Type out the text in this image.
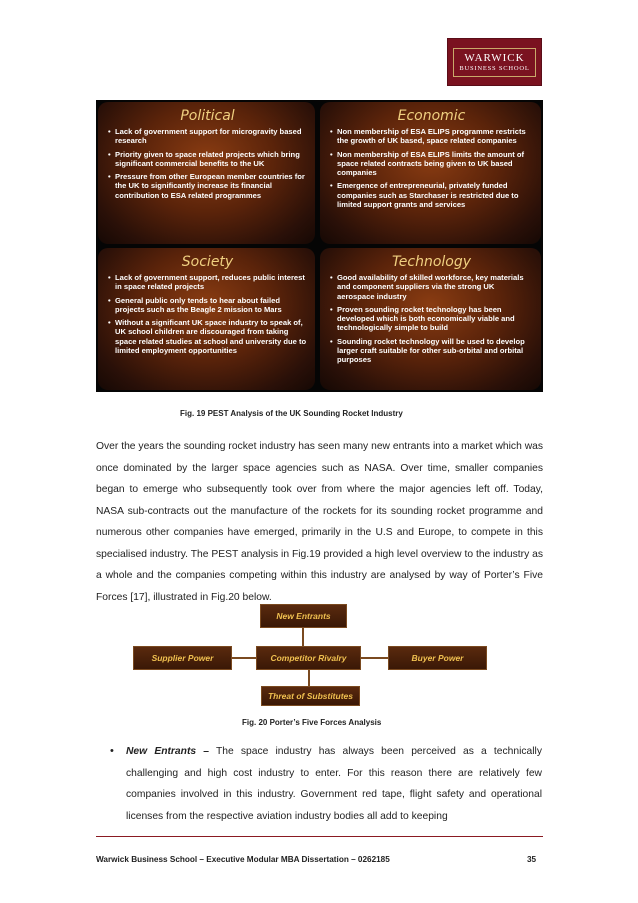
WARWICK
BUSINESS SCHOOL
Political
• Lack of government support for microgravity based research
• Priority given to space related projects which bring significant commercial benefits to the UK
• Pressure from other European member countries for the UK to significantly increase its financial contribution to ESA related programmes
Economic
• Non membership of ESA ELIPS programme restricts the growth of UK based, space related companies
• Non membership of ESA ELIPS limits the amount of space related contracts being given to UK based companies
• Emergence of entrepreneurial, privately funded companies such as Starchaser is restricted due to limited support grants and services
Society
• Lack of government support, reduces public interest in space related projects
• General public only tends to hear about failed projects such as the Beagle 2 mission to Mars
• Without a significant UK space industry to speak of, UK school children are discouraged from taking space related studies at school and university due to limited employment opportunities
Technology
• Good availability of skilled workforce, key materials and component suppliers via the strong UK aerospace industry
• Proven sounding rocket technology has been developed which is both economically viable and technologically simple to build
• Sounding rocket technology will be used to develop larger craft suitable for other sub-orbital and orbital purposes
Fig. 19 PEST Analysis of the UK Sounding Rocket Industry

Over the years the sounding rocket industry has seen many new entrants into a market which was once dominated by the larger space agencies such as NASA. Over time, smaller companies began to emerge who subsequently took over from where the major agencies left off. Today, NASA sub-contracts out the manufacture of the rockets for its sounding rocket programme and numerous other companies have emerged, primarily in the U.S and Europe, to compete in this specialised industry. The PEST analysis in Fig.19 provided a high level overview to the industry as a whole and the companies competing within this industry are analysed by way of Porter’s Five Forces [17], illustrated in Fig.20 below.

New Entrants
Supplier Power	Competitor Rivalry	Buyer Power
Threat of Substitutes
Fig. 20 Porter’s Five Forces Analysis
• New Entrants – The space industry has always been perceived as a technically challenging and high cost industry to enter. For this reason there are relatively few companies involved in this industry. Government red tape, flight safety and operational licenses from the respective aviation industry bodies all add to keeping

Warwick Business School – Executive Modular MBA Dissertation – 0262185	35
